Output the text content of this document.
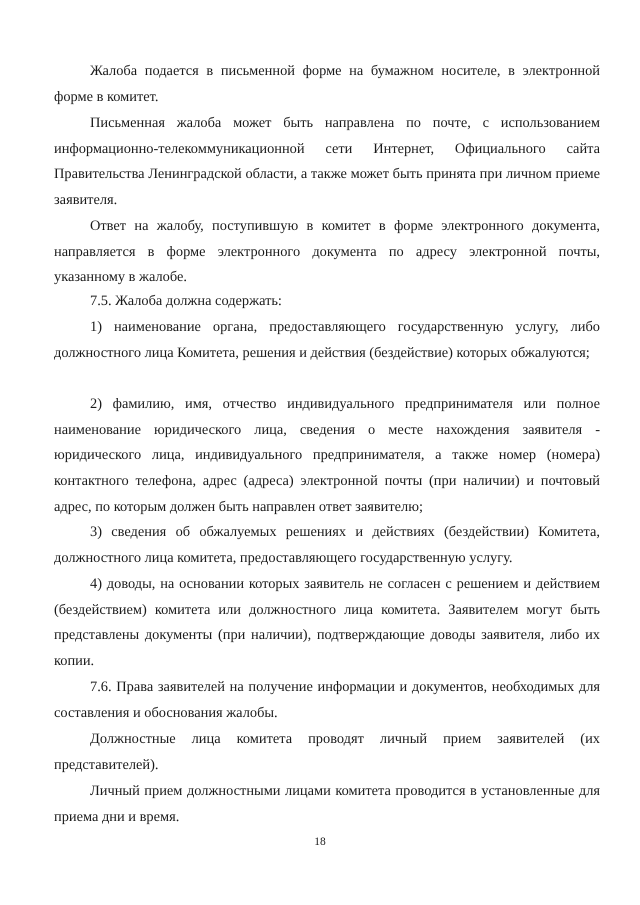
Жалоба подается в письменной форме на бумажном носителе, в электронной форме в комитет.

Письменная жалоба может быть направлена по почте, с использованием информационно-телекоммуникационной сети Интернет, Официального сайта Правительства Ленинградской области, а также может быть принята при личном приеме заявителя.

Ответ на жалобу, поступившую в комитет в форме электронного документа, направляется в форме электронного документа по адресу электронной почты, указанному в жалобе.

7.5. Жалоба должна содержать:

1) наименование органа, предоставляющего государственную услугу, либо должностного лица Комитета, решения и действия (бездействие) которых обжалуются;

2) фамилию, имя, отчество индивидуального предпринимателя или полное наименование юридического лица, сведения о месте нахождения заявителя - юридического лица, индивидуального предпринимателя, а также номер (номера) контактного телефона, адрес (адреса) электронной почты (при наличии) и почтовый адрес, по которым должен быть направлен ответ заявителю;

3) сведения об обжалуемых решениях и действиях (бездействии) Комитета, должностного лица комитета, предоставляющего государственную услугу.

4) доводы, на основании которых заявитель не согласен с решением и действием (бездействием) комитета или должностного лица комитета. Заявителем могут быть представлены документы (при наличии), подтверждающие доводы заявителя, либо их копии.

7.6. Права заявителей на получение информации и документов, необходимых для составления и обоснования жалобы.

Должностные лица комитета проводят личный прием заявителей (их представителей).

Личный прием должностными лицами комитета проводится в установленные для приема дни и время.

18
